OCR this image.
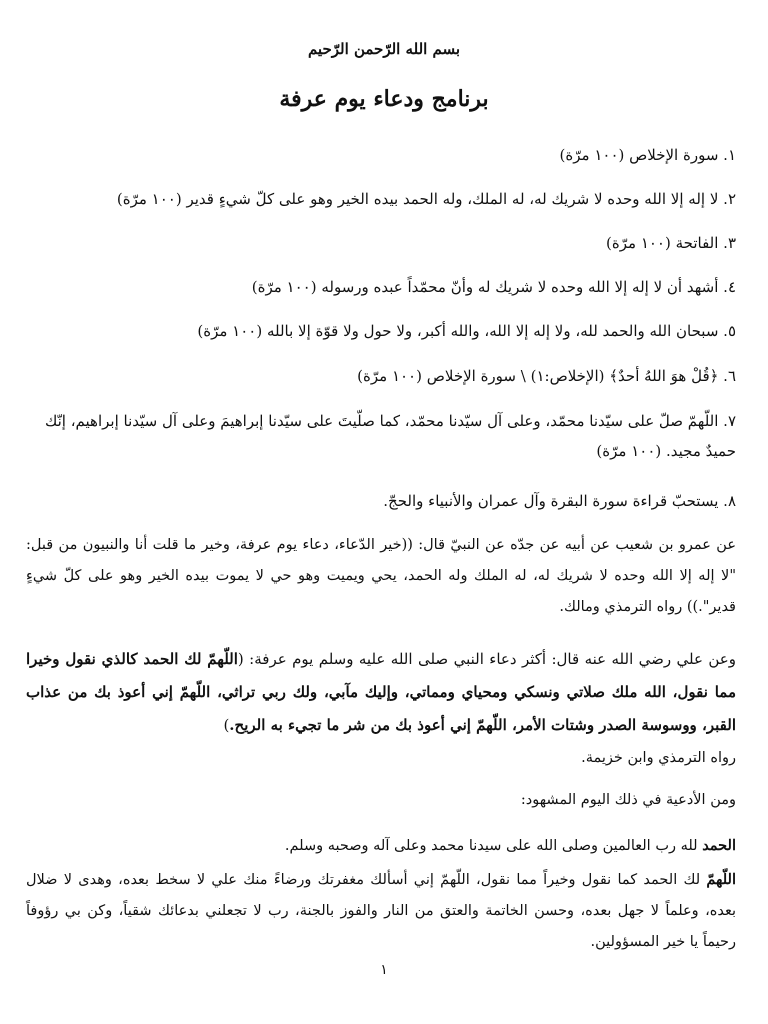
بسم الله الرّحمن الرّحيم
برنامج ودعاء يوم عرفة
١. سورة الإخلاص (١٠٠ مرّة)
٢. لا إله إلا الله وحده لا شريك له، له الملك، وله الحمد بيده الخير وهو على كلّ شيءٍ قدير (١٠٠ مرّة)
٣. الفاتحة (١٠٠ مرّة)
٤. أشهد أن لا إله إلا الله وحده لا شريك له وأنّ محمّداً عبده ورسوله (١٠٠ مرّة)
٥. سبحان الله والحمد لله، ولا إله إلا الله، والله أكبر، ولا حول ولا قوّة إلا بالله (١٠٠ مرّة)
٦. ﴿قُلْ هوَ اللهُ أحدٌ﴾ (الإخلاص:١) \ سورة الإخلاص (١٠٠ مرّة)
٧. اللّهمّ صلّ على سيّدنا محمّد، وعلى آل سيّدنا محمّد، كما صلّيتَ على سيّدنا إبراهيمَ وعلى آل سيّدنا إبراهيم، إنّك حميدٌ مجيد. (١٠٠ مرّة)
٨. يستحبّ قراءة سورة البقرة وآل عمران والأنبياء والحجّ.
عن عمرو بن شعيب عن أبيه عن جدّه عن النبيّ قال: ((خير الدّعاء، دعاء يوم عرفة، وخير ما قلت أنا والنبيون من قبل: "لا إله إلا الله وحده لا شريك له، له الملك وله الحمد، يحي ويميت وهو حي لا يموت بيده الخير وهو على كلّ شيءٍ قدير".)) رواه الترمذي ومالك.
وعن علي رضي الله عنه قال: أكثر دعاء النبي صلى الله عليه وسلم يوم عرفة: (اللّهمّ لك الحمد كالذي نقول وخيرا مما نقول، الله ملك صلاتي ونسكي ومحياي ومماتي، وإليك مآبي، ولك ربي تراثي، اللّهمّ إني أعوذ بك من عذاب القبر، ووسوسة الصدر وشتات الأمر، اللّهمّ إني أعوذ بك من شر ما تجيء به الريح.)
رواه الترمذي وابن خزيمة.
ومن الأدعية في ذلك اليوم المشهود:
الحمد لله رب العالمين وصلى الله على سيدنا محمد وعلى آله وصحبه وسلم.
اللّهمّ لك الحمد كما نقول وخيراً مما نقول، اللّهمّ إني أسألك مغفرتك ورضاءً منك علي لا سخط بعده، وهدى لا ضلال بعده، وعلماً لا جهل بعده، وحسن الخاتمة والعتق من النار والفوز بالجنة، رب لا تجعلني بدعائك شقياً، وكن بي رؤوفاً رحيماً يا خير المسؤولين.
١
